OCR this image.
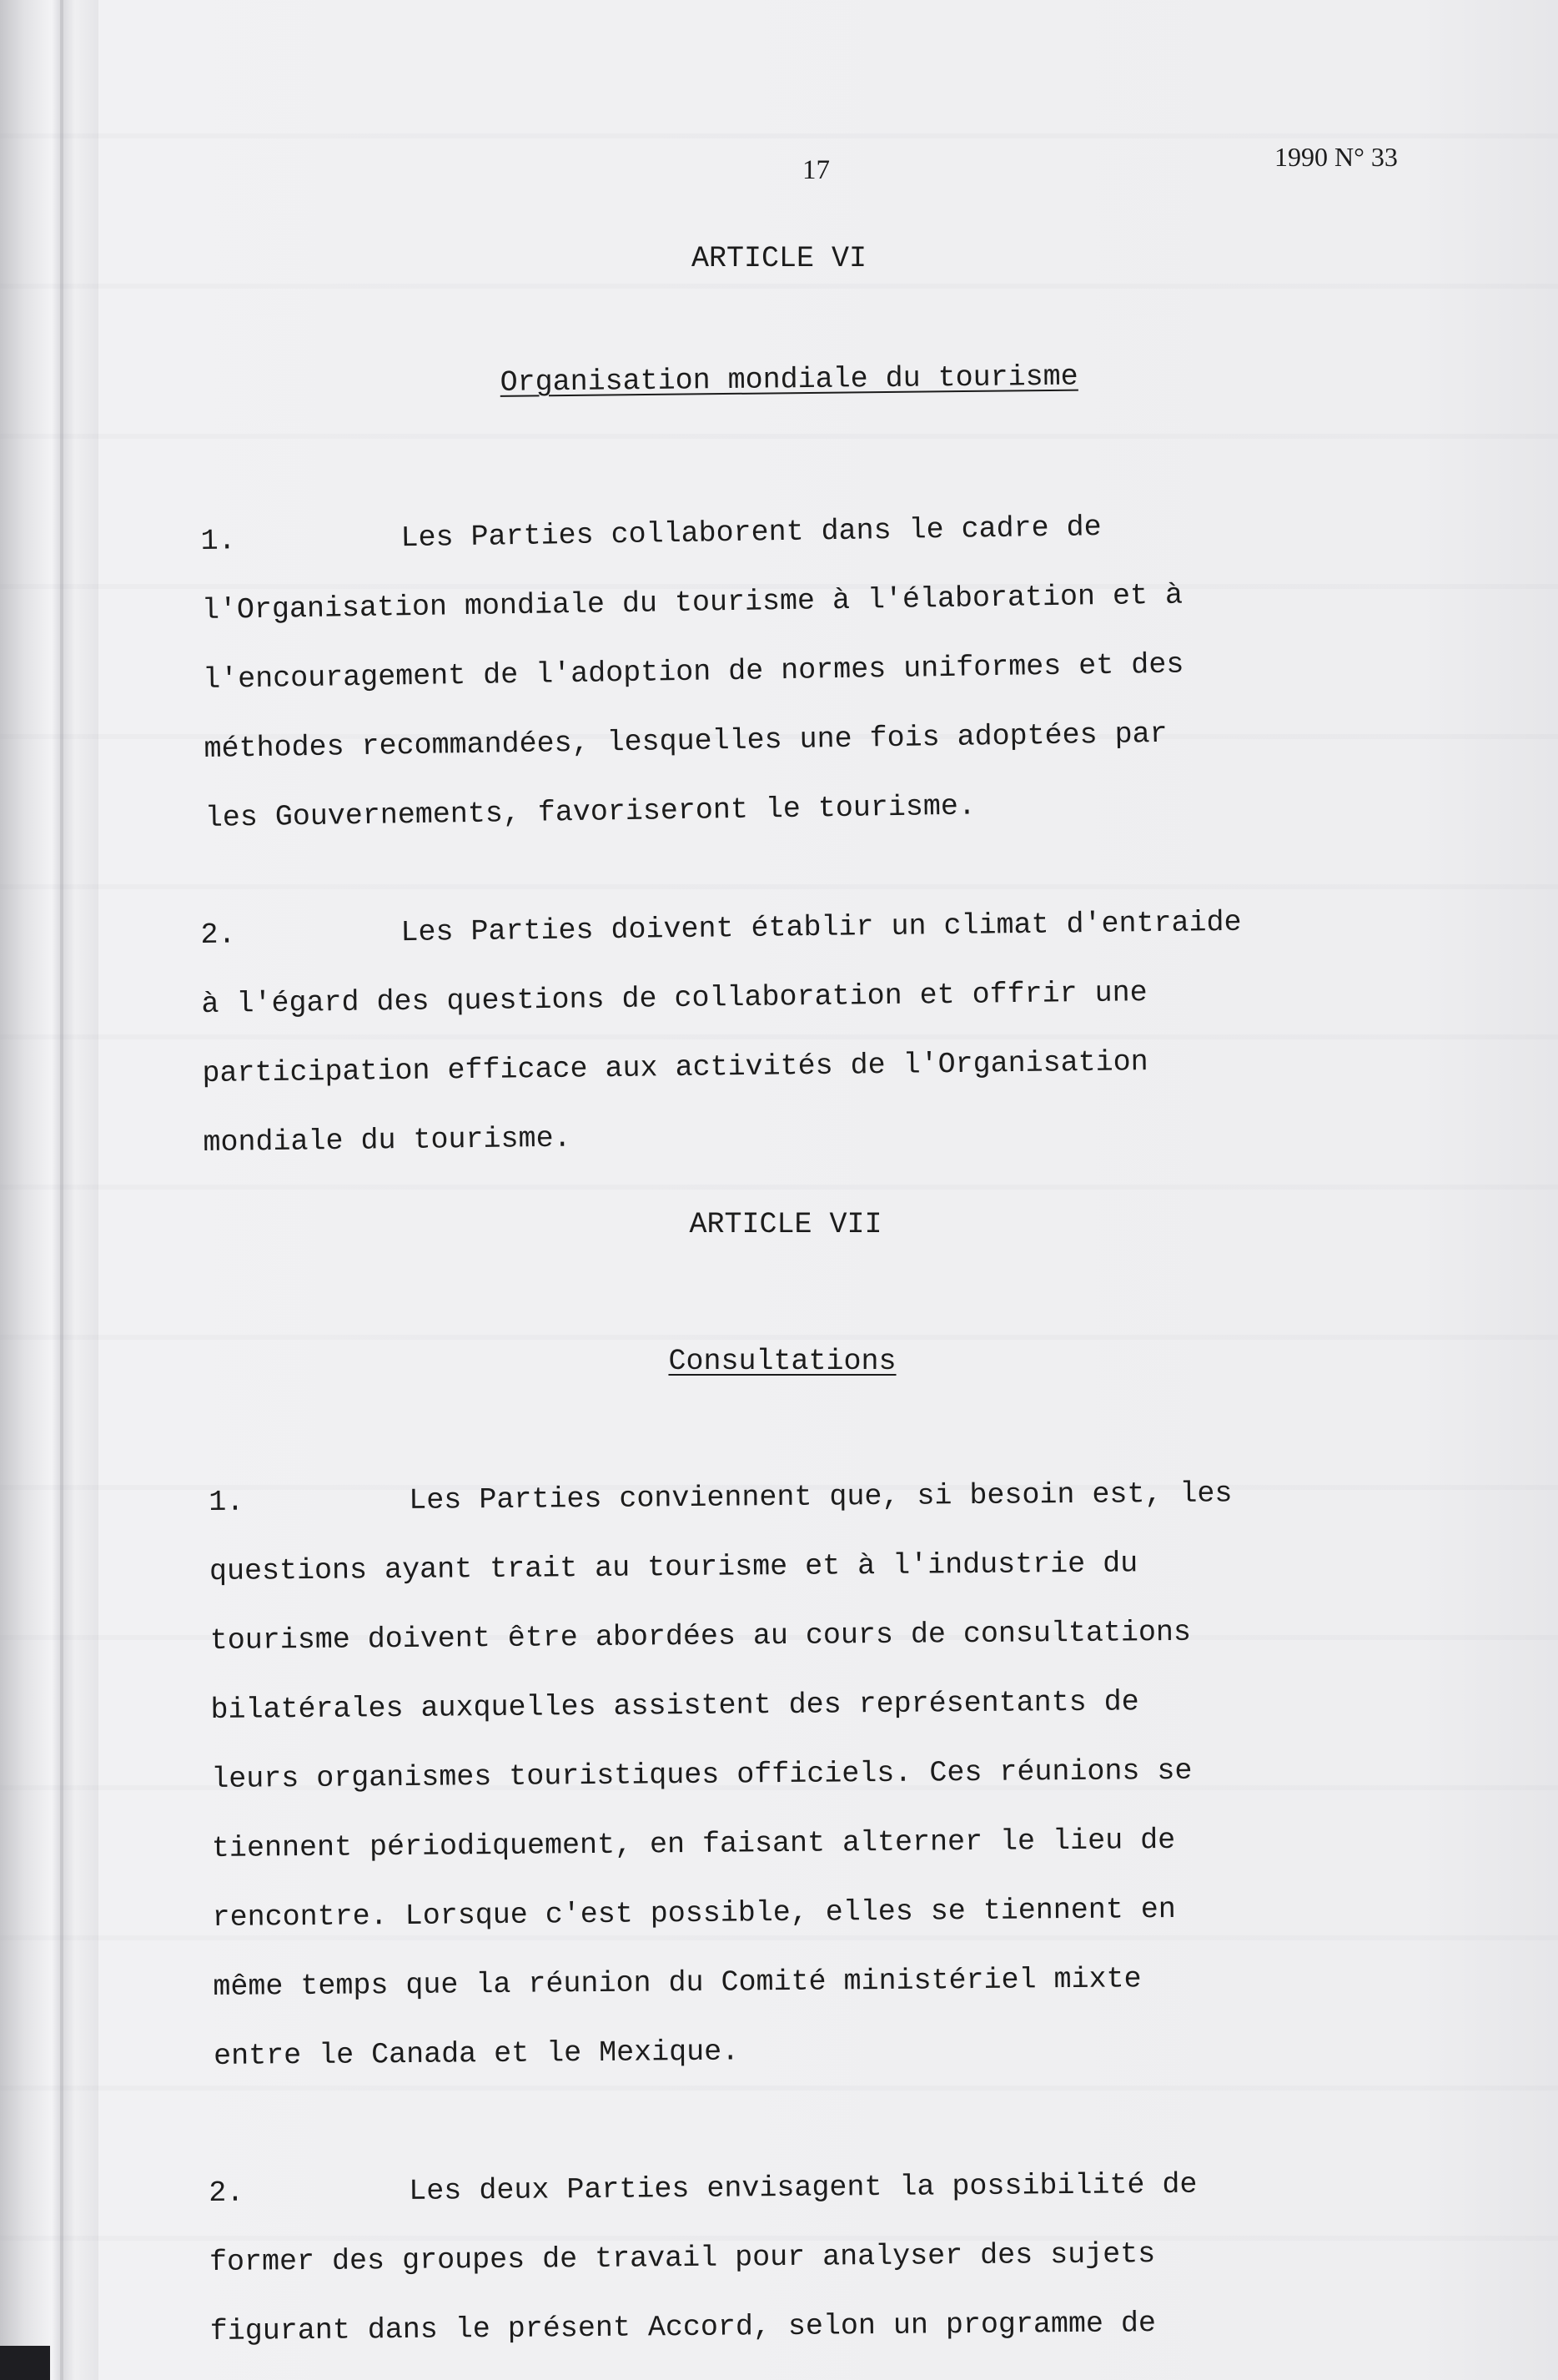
17	1990 N° 33
ARTICLE VI
Organisation mondiale du tourisme
1.	Les Parties collaborent dans le cadre de
l'Organisation mondiale du tourisme à l'élaboration et à
l'encouragement de l'adoption de normes uniformes et des
méthodes recommandées, lesquelles une fois adoptées par
les Gouvernements, favoriseront le tourisme.
2.	Les Parties doivent établir un climat d'entraide
à l'égard des questions de collaboration et offrir une
participation efficace aux activités de l'Organisation
mondiale du tourisme.
ARTICLE VII
Consultations
1.	Les Parties conviennent que, si besoin est, les
questions ayant trait au tourisme et à l'industrie du
tourisme doivent être abordées au cours de consultations
bilatérales auxquelles assistent des représentants de
leurs organismes touristiques officiels. Ces réunions se
tiennent périodiquement, en faisant alterner le lieu de
rencontre. Lorsque c'est possible, elles se tiennent en
même temps que la réunion du Comité ministériel mixte
entre le Canada et le Mexique.
2.	Les deux Parties envisagent la possibilité de
former des groupes de travail pour analyser des sujets
figurant dans le présent Accord, selon un programme de
